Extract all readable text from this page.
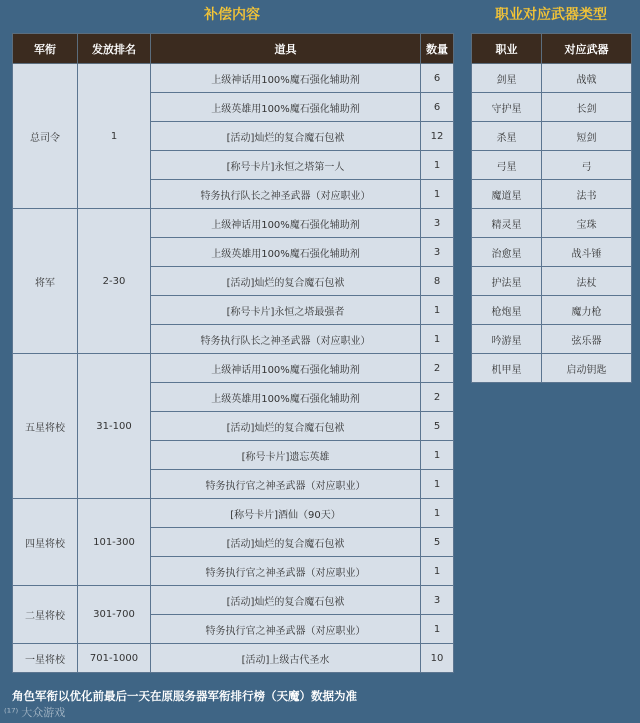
补偿内容	职业对应武器类型
军衔	发放排名	道具	数量
总司令	1	上级神话用100%魔石强化辅助剂	6
		上级英雄用100%魔石强化辅助剂	6
		[活动]灿烂的复合魔石包袱	12
		[称号卡片]永恒之塔第一人	1
		特务执行队长之神圣武器（对应职业）	1
将军	2-30	上级神话用100%魔石强化辅助剂	3
		上级英雄用100%魔石强化辅助剂	3
		[活动]灿烂的复合魔石包袱	8
		[称号卡片]永恒之塔最强者	1
		特务执行队长之神圣武器（对应职业）	1
五星将校	31-100	上级神话用100%魔石强化辅助剂	2
		上级英雄用100%魔石强化辅助剂	2
		[活动]灿烂的复合魔石包袱	5
		[称号卡片]遗忘英雄	1
		特务执行官之神圣武器（对应职业）	1
四星将校	101-300	[称号卡片]酒仙（90天）	1
		[活动]灿烂的复合魔石包袱	5
		特务执行官之神圣武器（对应职业）	1
二星将校	301-700	[活动]灿烂的复合魔石包袱	3
		特务执行官之神圣武器（对应职业）	1
一星将校	701-1000	[活动]上级古代圣水	10
职业	对应武器
剑星	战戟
守护星	长剑
杀星	短剑
弓星	弓
魔道星	法书
精灵星	宝珠
治愈星	战斗锤
护法星	法杖
枪炮星	魔力枪
吟游星	弦乐器
机甲星	启动钥匙
角色军衔以优化前最后一天在原服务器军衔排行榜（天魔）数据为准
⁽¹⁷⁾ 大众游戏
